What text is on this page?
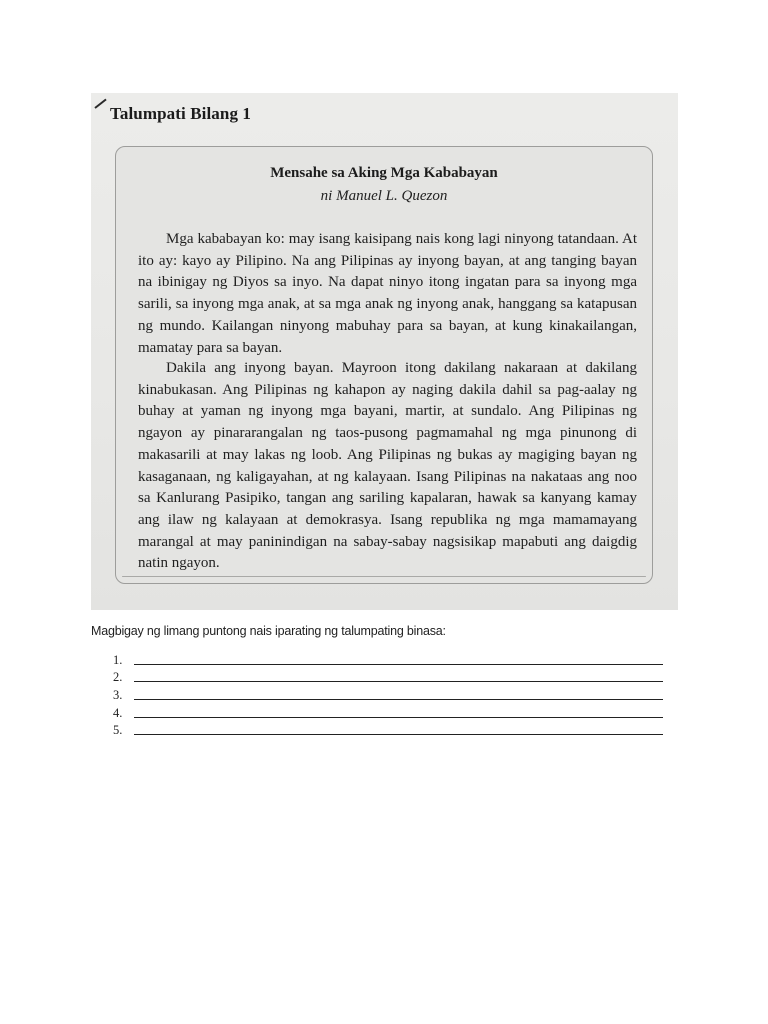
Talumpati Bilang 1
Mensahe sa Aking Mga Kababayan
ni Manuel L. Quezon

Mga kababayan ko: may isang kaisipang nais kong lagi ninyong tatandaan. At ito ay: kayo ay Pilipino. Na ang Pilipinas ay inyong bayan, at ang tanging bayan na ibinigay ng Diyos sa inyo. Na dapat ninyo itong ingatan para sa inyong mga sarili, sa inyong mga anak, at sa mga anak ng inyong anak, hanggang sa katapusan ng mundo. Kailangan ninyong mabuhay para sa bayan, at kung kinakailangan, mamatay para sa bayan.

Dakila ang inyong bayan. Mayroon itong dakilang nakaraan at dakilang kinabukasan. Ang Pilipinas ng kahapon ay naging dakila dahil sa pag-aalay ng buhay at yaman ng inyong mga bayani, martir, at sundalo. Ang Pilipinas ng ngayon ay pinararangalan ng taos-pusong pagmamahal ng mga pinunong di makasarili at may lakas ng loob. Ang Pilipinas ng bukas ay magiging bayan ng kasaganaan, ng kaligayahan, at ng kalayaan. Isang Pilipinas na nakataas ang noo sa Kanlurang Pasipiko, tangan ang sariling kapalaran, hawak sa kanyang kamay ang ilaw ng kalayaan at demokrasya. Isang republika ng mga mamamayang marangal at may paninindigan na sabay-sabay nagsisikap mapabuti ang daigdig natin ngayon.

Magbigay ng limang puntong nais iparating ng talumpating binasa:
1.
2.
3.
4.
5.
